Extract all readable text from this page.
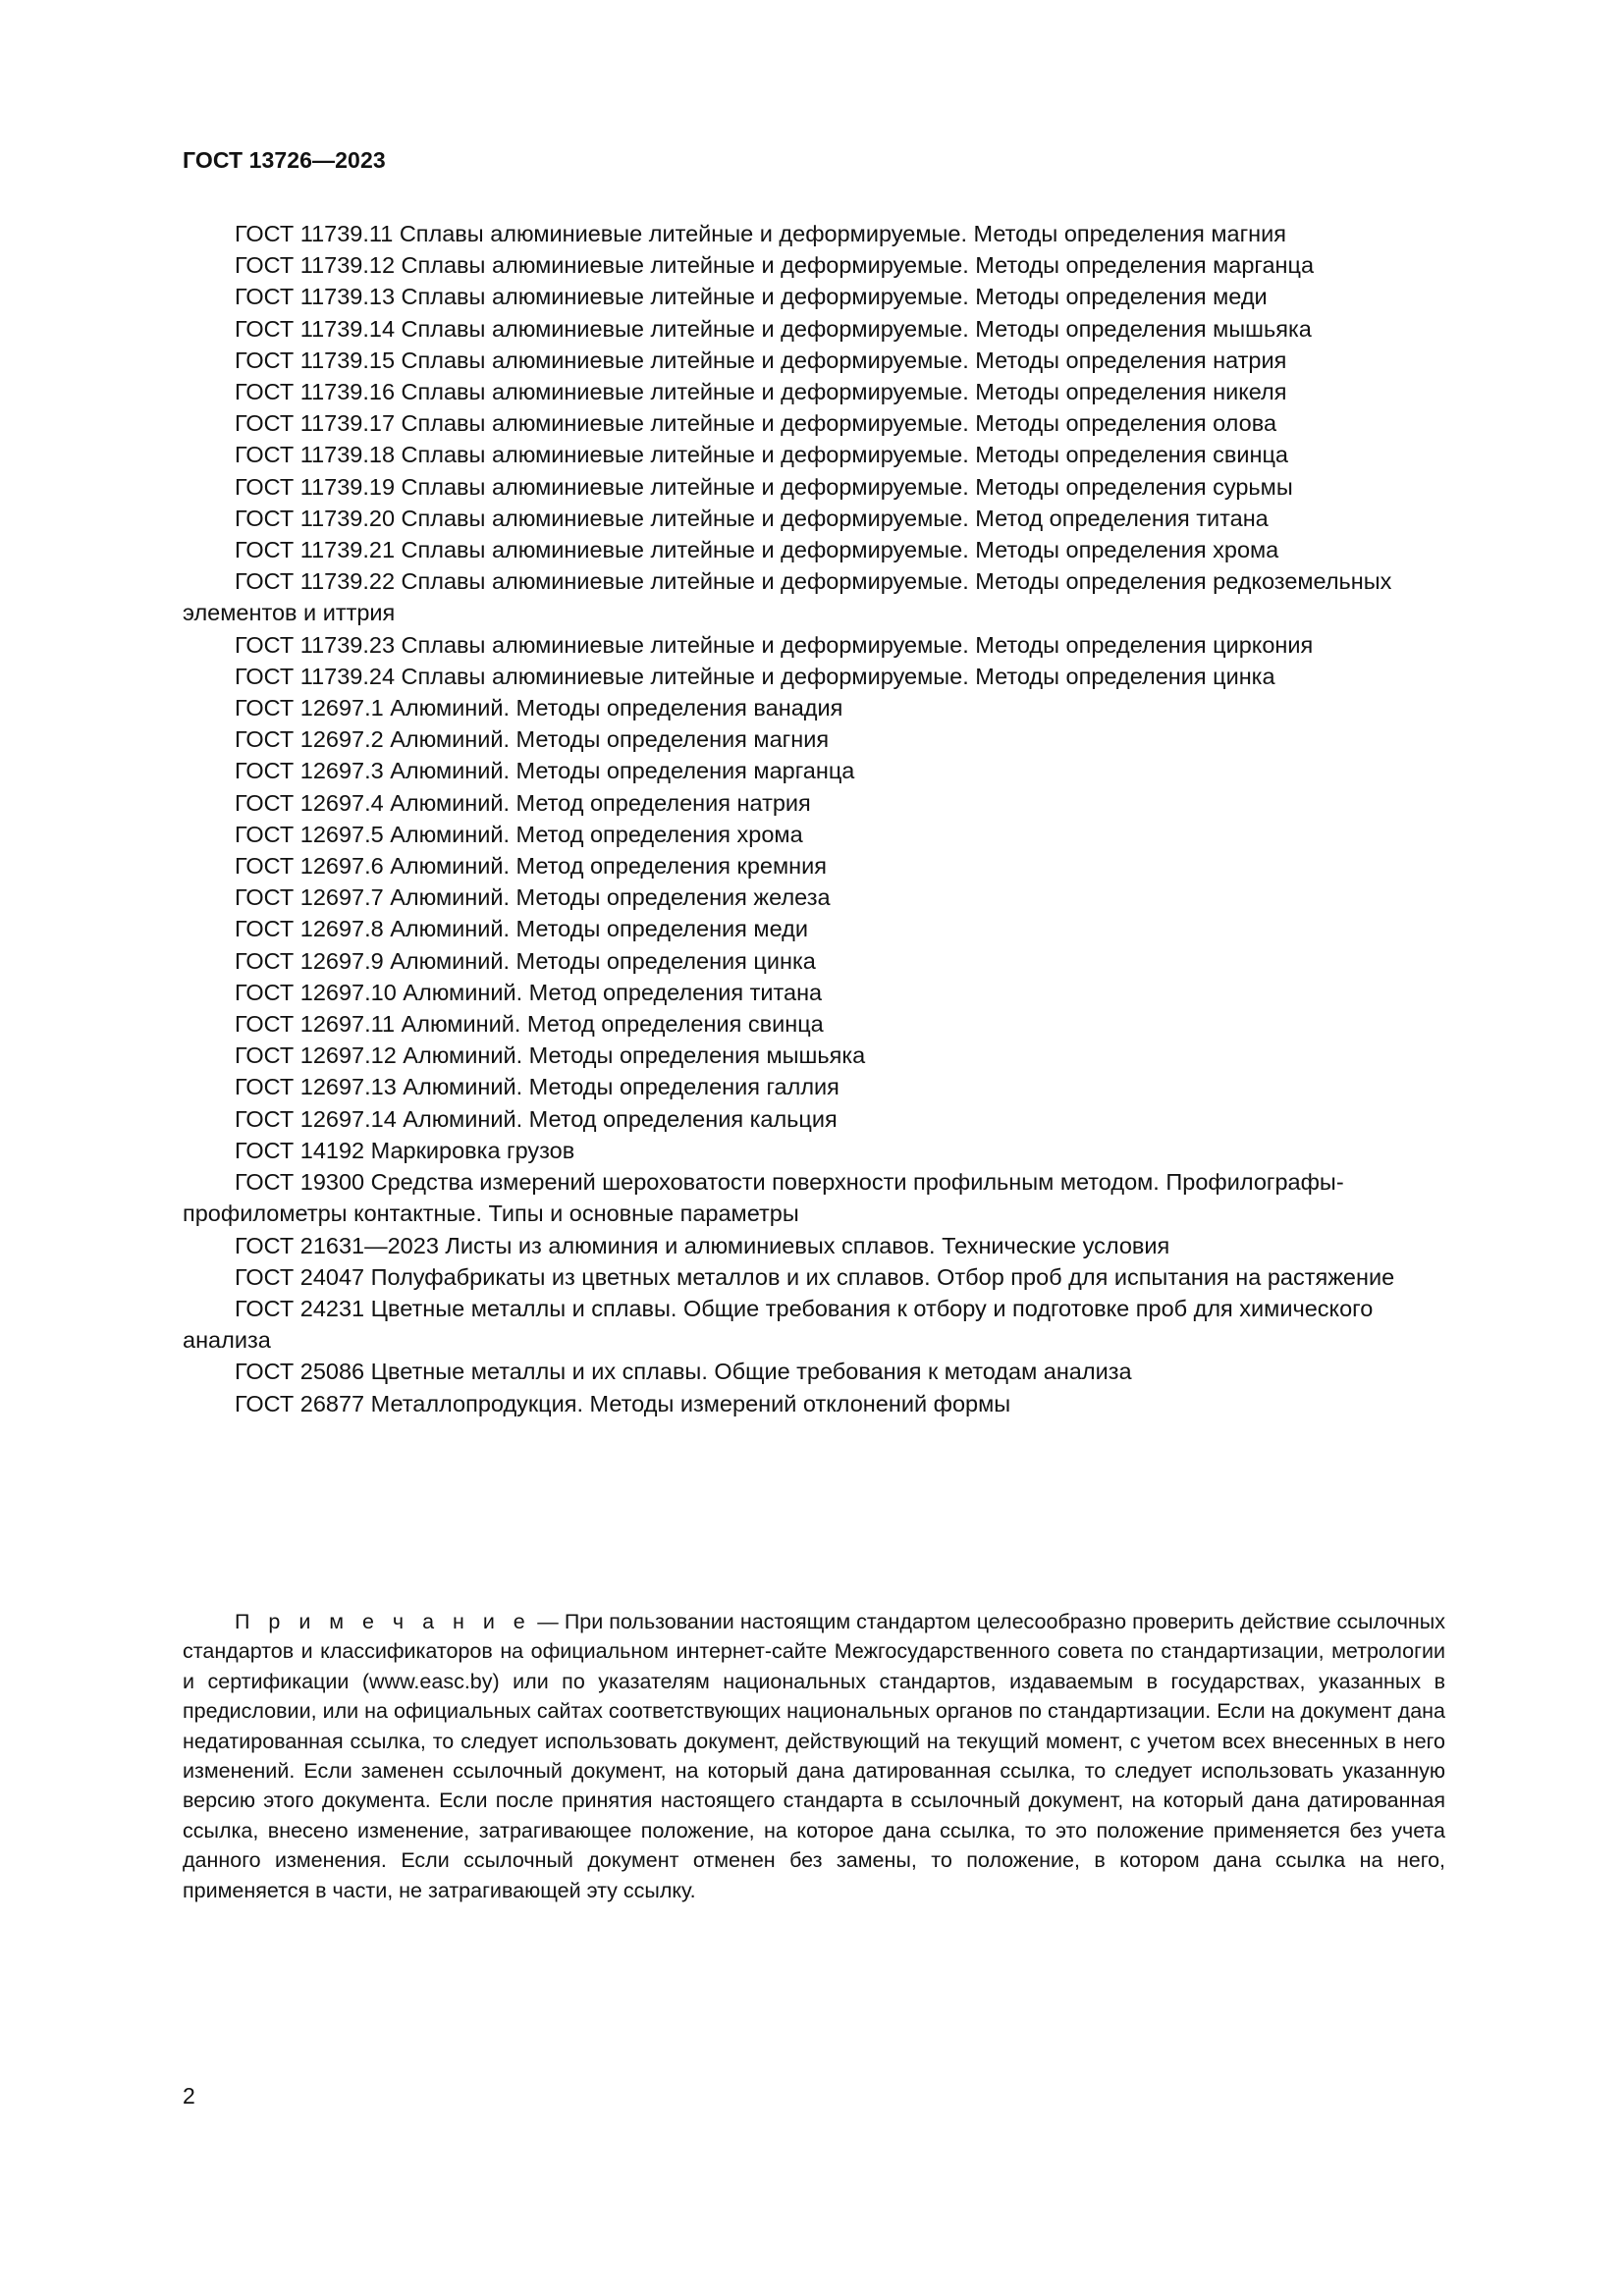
ГОСТ 13726—2023

ГОСТ 11739.11 Сплавы алюминиевые литейные и деформируемые. Методы определения магния

ГОСТ 11739.12 Сплавы алюминиевые литейные и деформируемые. Методы определения марганца

ГОСТ 11739.13 Сплавы алюминиевые литейные и деформируемые. Методы определения меди

ГОСТ 11739.14 Сплавы алюминиевые литейные и деформируемые. Методы определения мышьяка

ГОСТ 11739.15 Сплавы алюминиевые литейные и деформируемые. Методы определения натрия

ГОСТ 11739.16 Сплавы алюминиевые литейные и деформируемые. Методы определения никеля

ГОСТ 11739.17 Сплавы алюминиевые литейные и деформируемые. Методы определения олова

ГОСТ 11739.18 Сплавы алюминиевые литейные и деформируемые. Методы определения свинца

ГОСТ 11739.19 Сплавы алюминиевые литейные и деформируемые. Методы определения сурьмы

ГОСТ 11739.20 Сплавы алюминиевые литейные и деформируемые. Метод определения титана

ГОСТ 11739.21 Сплавы алюминиевые литейные и деформируемые. Методы определения хрома

ГОСТ 11739.22 Сплавы алюминиевые литейные и деформируемые. Методы определения редкоземельных элементов и иттрия

ГОСТ 11739.23 Сплавы алюминиевые литейные и деформируемые. Методы определения циркония

ГОСТ 11739.24 Сплавы алюминиевые литейные и деформируемые. Методы определения цинка

ГОСТ 12697.1 Алюминий. Методы определения ванадия

ГОСТ 12697.2 Алюминий. Методы определения магния

ГОСТ 12697.3 Алюминий. Методы определения марганца

ГОСТ 12697.4 Алюминий. Метод определения натрия

ГОСТ 12697.5 Алюминий. Метод определения хрома

ГОСТ 12697.6 Алюминий. Метод определения кремния

ГОСТ 12697.7 Алюминий. Методы определения железа

ГОСТ 12697.8 Алюминий. Методы определения меди

ГОСТ 12697.9 Алюминий. Методы определения цинка

ГОСТ 12697.10 Алюминий. Метод определения титана

ГОСТ 12697.11 Алюминий. Метод определения свинца

ГОСТ 12697.12 Алюминий. Методы определения мышьяка

ГОСТ 12697.13 Алюминий. Методы определения галлия

ГОСТ 12697.14 Алюминий. Метод определения кальция

ГОСТ 14192 Маркировка грузов

ГОСТ 19300 Средства измерений шероховатости поверхности профильным методом. Профилографы-профилометры контактные. Типы и основные параметры

ГОСТ 21631—2023 Листы из алюминия и алюминиевых сплавов. Технические условия

ГОСТ 24047 Полуфабрикаты из цветных металлов и их сплавов. Отбор проб для испытания на растяжение

ГОСТ 24231 Цветные металлы и сплавы. Общие требования к отбору и подготовке проб для химического анализа

ГОСТ 25086 Цветные металлы и их сплавы. Общие требования к методам анализа

ГОСТ 26877 Металлопродукция. Методы измерений отклонений формы

П р и м е ч а н и е — При пользовании настоящим стандартом целесообразно проверить действие ссылочных стандартов и классификаторов на официальном интернет-сайте Межгосударственного совета по стандартизации, метрологии и сертификации (www.easc.by) или по указателям национальных стандартов, издаваемым в государствах, указанных в предисловии, или на официальных сайтах соответствующих национальных органов по стандартизации. Если на документ дана недатированная ссылка, то следует использовать документ, действующий на текущий момент, с учетом всех внесенных в него изменений. Если заменен ссылочный документ, на который дана датированная ссылка, то следует использовать указанную версию этого документа. Если после принятия настоящего стандарта в ссылочный документ, на который дана датированная ссылка, внесено изменение, затрагивающее положение, на которое дана ссылка, то это положение применяется без учета данного изменения. Если ссылочный документ отменен без замены, то положение, в котором дана ссылка на него, применяется в части, не затрагивающей эту ссылку.

2
